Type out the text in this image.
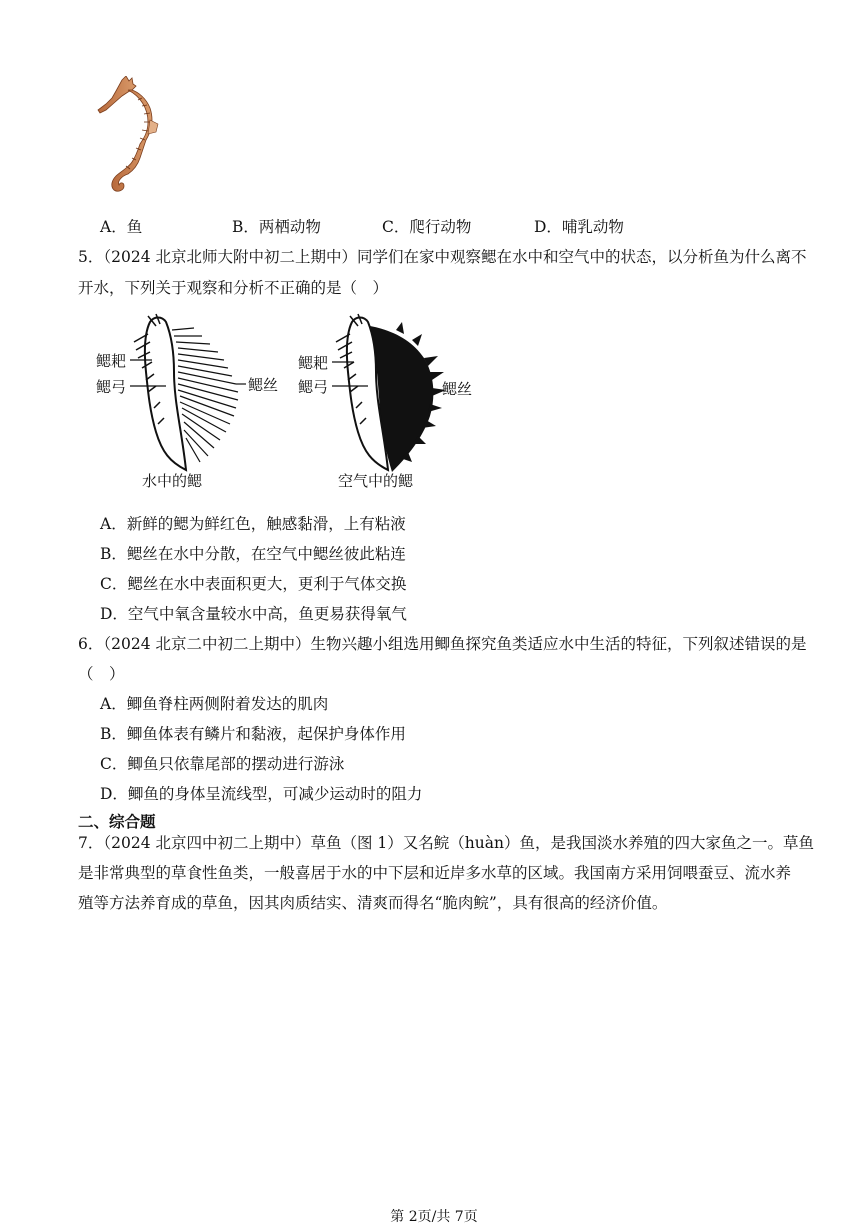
A．鱼	B．两栖动物	C．爬行动物	D．哺乳动物
5．（2024 北京北师大附中初二上期中）同学们在家中观察鳃在水中和空气中的状态，以分析鱼为什么离不
开水，下列关于观察和分析不正确的是（　）
鳃耙
鳃弓	鳃丝
水中的鳃
鳃耙
鳃弓	鳃丝
空气中的鳃
A．新鲜的鳃为鲜红色，触感黏滑，上有粘液
B．鳃丝在水中分散，在空气中鳃丝彼此粘连
C．鳃丝在水中表面积更大，更利于气体交换
D．空气中氧含量较水中高，鱼更易获得氧气
6．（2024 北京二中初二上期中）生物兴趣小组选用鲫鱼探究鱼类适应水中生活的特征，下列叙述错误的是
（　）
A．鲫鱼脊柱两侧附着发达的肌肉
B．鲫鱼体表有鳞片和黏液，起保护身体作用
C．鲫鱼只依靠尾部的摆动进行游泳
D．鲫鱼的身体呈流线型，可减少运动时的阻力
二、综合题
7．（2024 北京四中初二上期中）草鱼（图 1）又名鲩（huàn）鱼，是我国淡水养殖的四大家鱼之一。草鱼
是非常典型的草食性鱼类，一般喜居于水的中下层和近岸多水草的区域。我国南方采用饲喂蚕豆、流水养
殖等方法养育成的草鱼，因其肉质结实、清爽而得名“脆肉鲩”，具有很高的经济价值。
第 2页/共 7页
